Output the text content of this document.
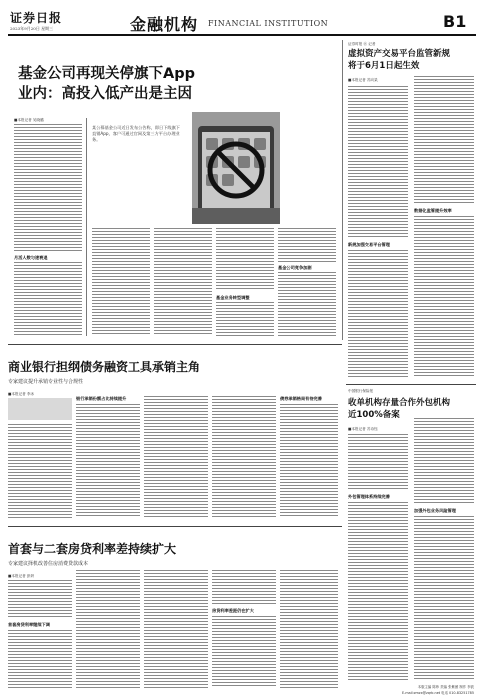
证券日报
2023年9月20日 星期三	金融机构 FINANCIAL INSTITUTION	B1
基金公司再现关停旗下App
业内：高投入低产出是主因
■本报记者 吴晓璐
月活人数匀速衰退
某公募基金公司近日发布公告称，即日下线旗下直销App，客户可通过官网及第三方平台办理业务。
基金业务转型调整
基金公司竞争加剧
证券时报 Ⓡ 记者
虚拟资产交易平台监管新规
将于6月1日起生效
■本报记者 苏向杲
新规加强交易平台管理
数据化监管提升效率
中国银行保险报
收单机构存量合作外包机构
近100%备案
■本报记者 苏诗钰
外包管理体系持续完善
加强外包业务风险管理
商业银行担纲债务融资工具承销主角
专家建议提升承销专业性与合规性
■本报记者 李冰
银行承销份额占比持续提升	债券承销格局有待完善
首套与二套房贷利率差持续扩大
专家建议择机改善住房消费贷款成本
■本报记者 彭妍
首套房贷利率继续下调
房贷利率差距仍在扩大
本版主编 陈炜 责编 张紫薇 制作 李波
E-mail:zmzx@zqrb.net 电话 010-83251785
